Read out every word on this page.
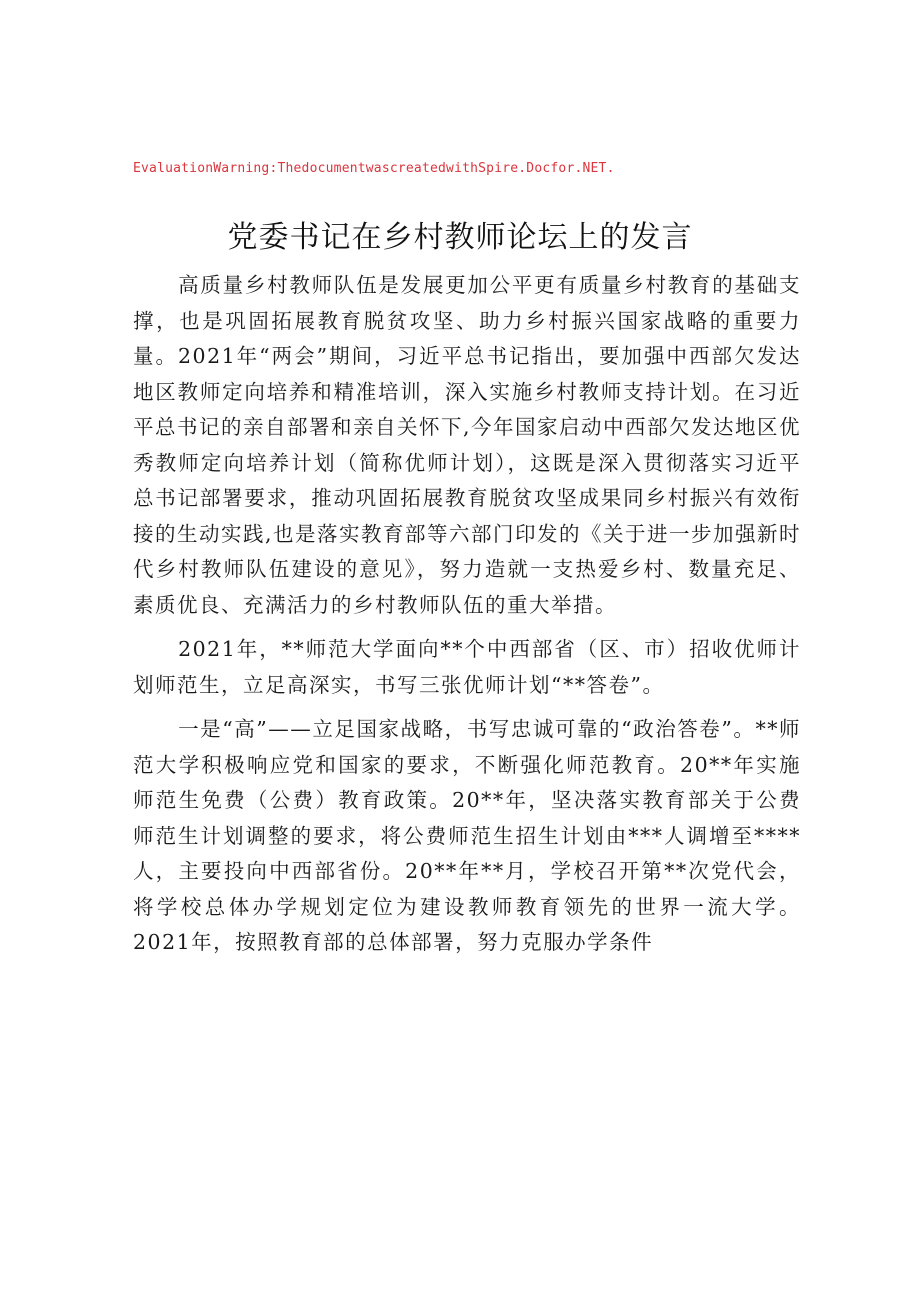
EvaluationWarning:ThedocumentwascreatedwithSpire.Docfor.NET.
党委书记在乡村教师论坛上的发言

高质量乡村教师队伍是发展更加公平更有质量乡村教育的基础支撑，也是巩固拓展教育脱贫攻坚、助力乡村振兴国家战略的重要力量。2021年“两会”期间，习近平总书记指出，要加强中西部欠发达地区教师定向培养和精准培训，深入实施乡村教师支持计划。在习近平总书记的亲自部署和亲自关怀下,今年国家启动中西部欠发达地区优秀教师定向培养计划（简称优师计划），这既是深入贯彻落实习近平总书记部署要求，推动巩固拓展教育脱贫攻坚成果同乡村振兴有效衔接的生动实践,也是落实教育部等六部门印发的《关于进一步加强新时代乡村教师队伍建设的意见》，努力造就一支热爱乡村、数量充足、素质优良、充满活力的乡村教师队伍的重大举措。

2021年，**师范大学面向**个中西部省（区、市）招收优师计划师范生，立足高深实，书写三张优师计划“**答卷”。

一是“高”——立足国家战略，书写忠诚可靠的“政治答卷”。**师范大学积极响应党和国家的要求，不断强化师范教育。20**年实施师范生免费（公费）教育政策。20**年，坚决落实教育部关于公费师范生计划调整的要求，将公费师范生招生计划由***人调增至****人，主要投向中西部省份。20**年**月，学校召开第**次党代会，将学校总体办学规划定位为建设教师教育领先的世界一流大学。2021年，按照教育部的总体部署，努力克服办学条件
